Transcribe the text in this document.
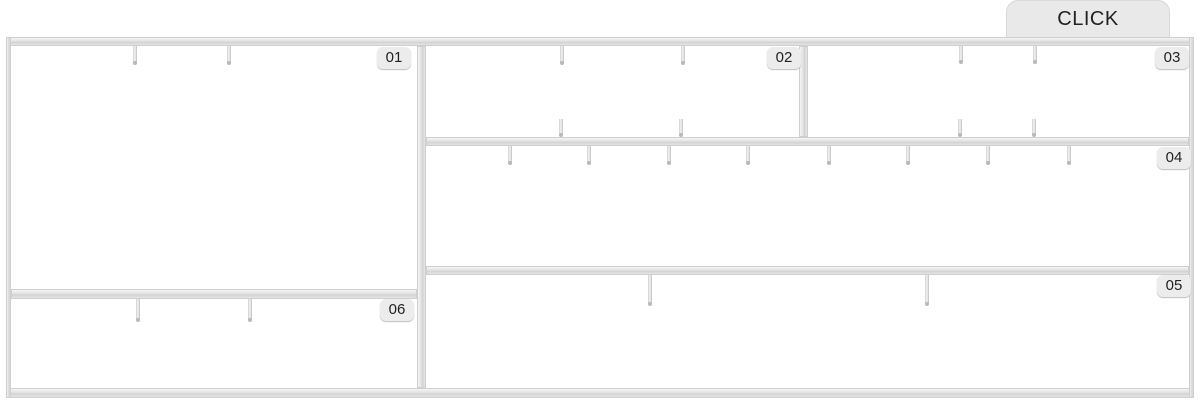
CLICK
01	02	03
04
05
06
